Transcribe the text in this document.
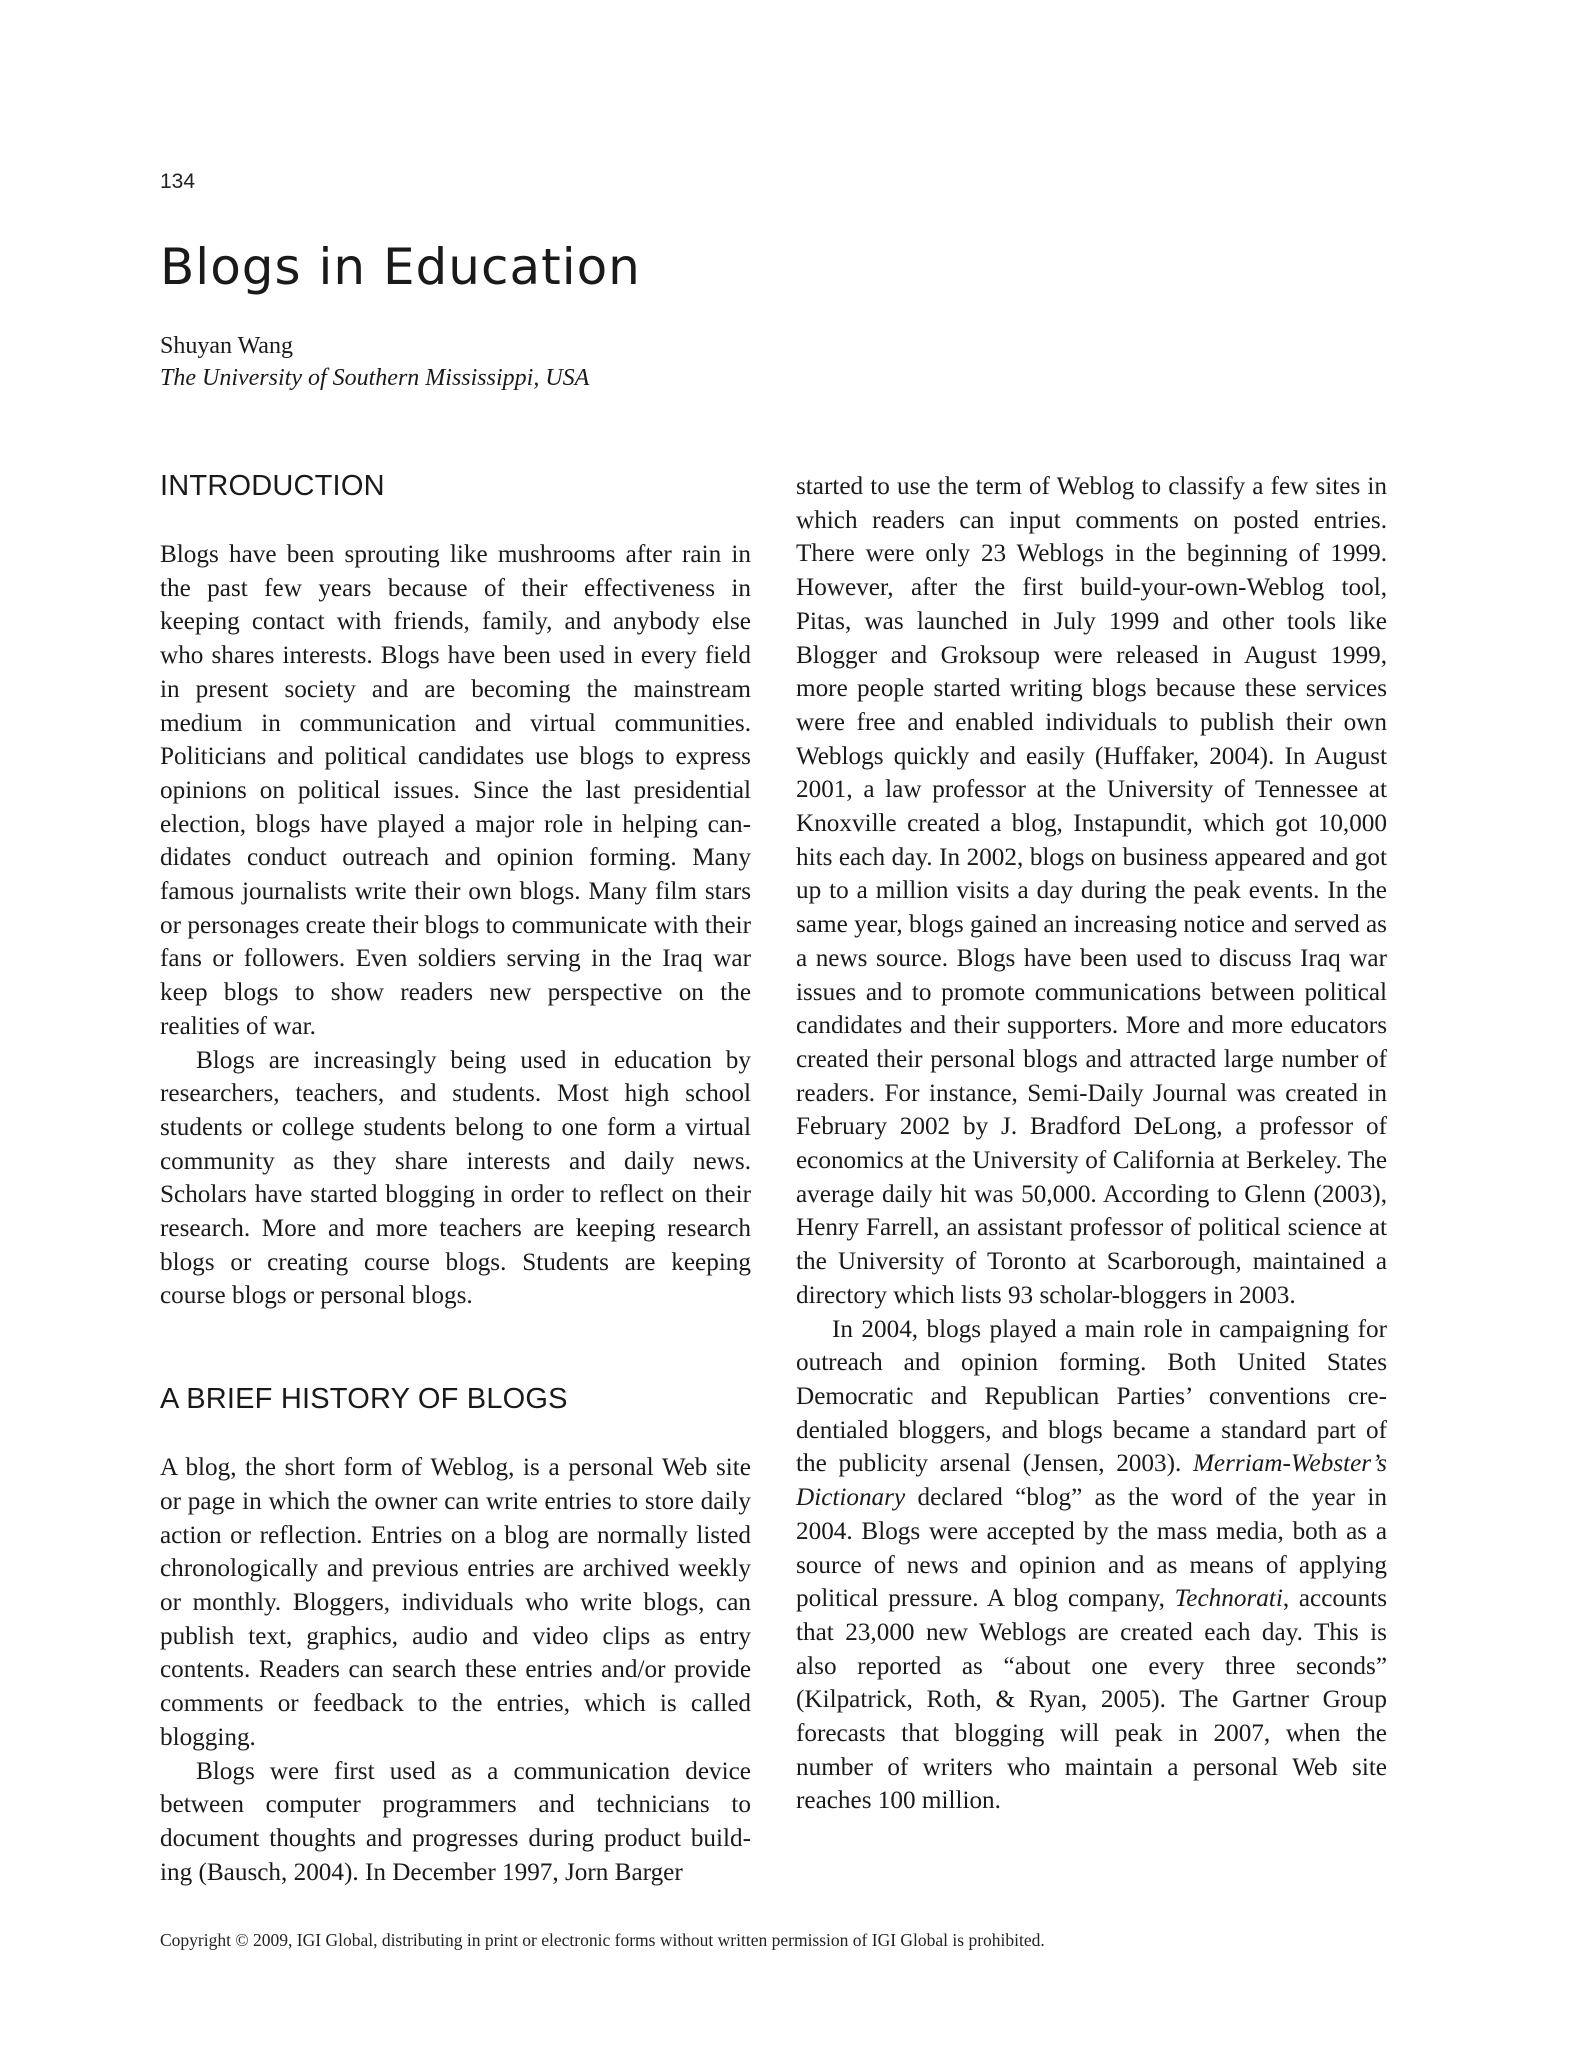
134
Blogs in Education
Shuyan Wang
The University of Southern Mississippi, USA
INTRODUCTION

Blogs have been sprouting like mushrooms after rain in the past few years because of their effectiveness in keeping contact with friends, family, and anybody else who shares interests. Blogs have been used in every field in present society and are becoming the mainstream medium in communication and virtual communities. Politicians and political candidates use blogs to express opinions on political issues. Since the last presidential election, blogs have played a major role in helping candidates conduct outreach and opinion forming. Many famous journalists write their own blogs. Many film stars or personages create their blogs to communicate with their fans or followers. Even soldiers serving in the Iraq war keep blogs to show readers new perspective on the realities of war.

Blogs are increasingly being used in education by researchers, teachers, and students. Most high school students or college students belong to one form a virtual community as they share interests and daily news. Scholars have started blogging in order to reflect on their research. More and more teachers are keeping research blogs or creating course blogs. Students are keeping course blogs or personal blogs.

A BRIEF HISTORY OF BLOGS

A blog, the short form of Weblog, is a personal Web site or page in which the owner can write entries to store daily action or reflection. Entries on a blog are normally listed chronologically and previous entries are archived weekly or monthly. Bloggers, individuals who write blogs, can publish text, graphics, audio and video clips as entry contents. Readers can search these entries and/or provide comments or feedback to the entries, which is called blogging.

Blogs were first used as a communication device between computer programmers and technicians to document thoughts and progresses during product building (Bausch, 2004). In December 1997, Jorn Barger

started to use the term of Weblog to classify a few sites in which readers can input comments on posted entries. There were only 23 Weblogs in the beginning of 1999. However, after the first build-your-own-Weblog tool, Pitas, was launched in July 1999 and other tools like Blogger and Groksoup were released in August 1999, more people started writing blogs because these services were free and enabled individuals to publish their own Weblogs quickly and easily (Huffaker, 2004). In August 2001, a law professor at the University of Tennessee at Knoxville created a blog, Instapundit, which got 10,000 hits each day. In 2002, blogs on business appeared and got up to a million visits a day during the peak events. In the same year, blogs gained an increasing notice and served as a news source. Blogs have been used to discuss Iraq war issues and to promote communications between political candidates and their supporters. More and more educators created their personal blogs and attracted large number of readers. For instance, Semi-Daily Journal was created in February 2002 by J. Bradford DeLong, a professor of economics at the University of California at Berkeley. The average daily hit was 50,000. According to Glenn (2003), Henry Farrell, an assistant professor of political science at the University of Toronto at Scarborough, maintained a directory which lists 93 scholar-bloggers in 2003.

In 2004, blogs played a main role in campaigning for outreach and opinion forming. Both United States Democratic and Republican Parties’ conventions credentialed bloggers, and blogs became a standard part of the publicity arsenal (Jensen, 2003). Merriam-Webster’s Dictionary declared “blog” as the word of the year in 2004. Blogs were accepted by the mass media, both as a source of news and opinion and as means of applying political pressure. A blog company, Technorati, accounts that 23,000 new Weblogs are created each day. This is also reported as “about one every three seconds” (Kilpatrick, Roth, & Ryan, 2005). The Gartner Group forecasts that blogging will peak in 2007, when the number of writers who maintain a personal Web site reaches 100 million.

Copyright © 2009, IGI Global, distributing in print or electronic forms without written permission of IGI Global is prohibited.
